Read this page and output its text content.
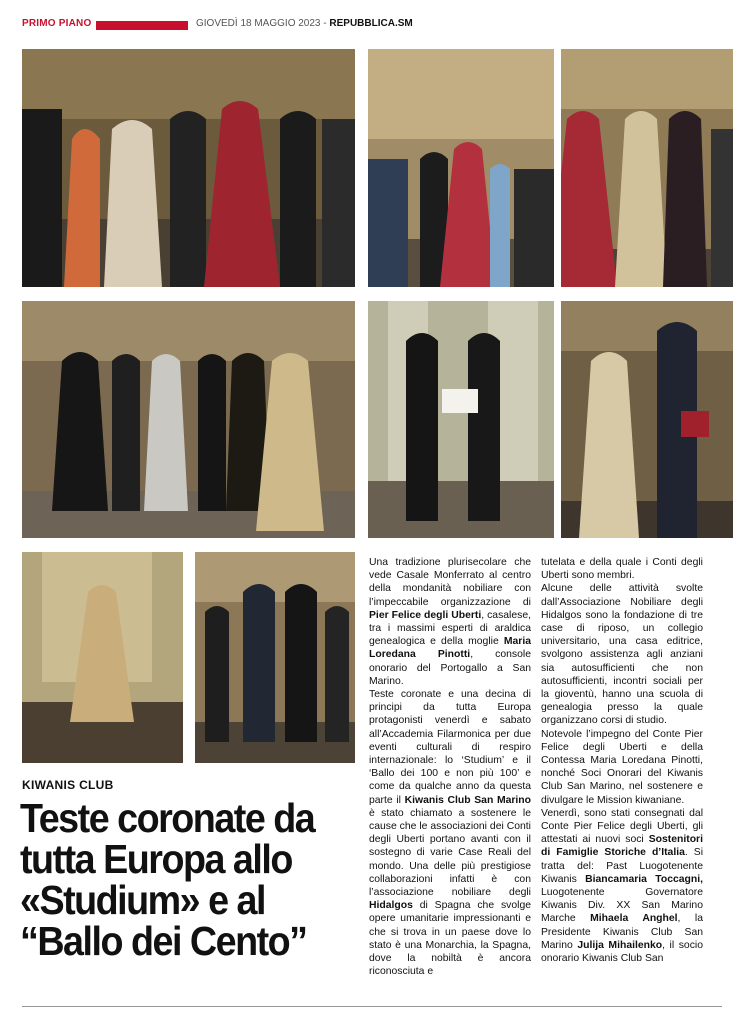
PRIMO PIANO	GIOVEDÌ 18 MAGGIO 2023 - REPUBBLICA.SM
KIWANIS CLUB
Teste coronate da tutta Europa allo «Studium» e al “Ballo dei Cento”

Una tradizione plurisecolare che vede Casale Monferrato al centro della mondanità nobiliare con l’impeccabile organizzazione di Pier Felice degli Uberti, casalese, tra i massimi esperti di araldica genealogica e della moglie Maria Loredana Pinotti, console onorario del Portogallo a San Marino.
Teste coronate e una decina di principi da tutta Europa protagonisti venerdì e sabato all’Accademia Filarmonica per due eventi culturali di respiro internazionale: lo ‘Studium’ e il ‘Ballo dei 100 e non più 100’ e come da qualche anno da questa parte il Kiwanis Club San Marino è stato chiamato a sostenere le cause che le associazioni dei Conti degli Uberti portano avanti con il sostegno di varie Case Reali del mondo. Una delle più prestigiose collaborazioni infatti è con l’associazione nobiliare degli Hidalgos di Spagna che svolge opere umanitarie impressionanti e che si trova in un paese dove lo stato è una Monarchia, la Spagna, dove la nobiltà è ancora riconosciuta e

tutelata e della quale i Conti degli Uberti sono membri.
Alcune delle attività svolte dall’Associazione Nobiliare degli Hidalgos sono la fondazione di tre case di riposo, un collegio universitario, una casa editrice, svolgono assistenza agli anziani sia autosufficienti che non autosufficienti, incontri sociali per la gioventù, hanno una scuola di genealogia presso la quale organizzano corsi di studio.
Notevole l’impegno del Conte Pier Felice degli Uberti e della Contessa Maria Loredana Pinotti, nonché Soci Onorari del Kiwanis Club San Marino, nel sostenere e divulgare le Mission kiwaniane.
Venerdì, sono stati consegnati dal Conte Pier Felice degli Uberti, gli attestati ai nuovi soci Sostenitori di Famiglie Storiche d’Italia. Si tratta del: Past Luogotenente Kiwanis Biancamaria Toccagni, Luogotenente Governatore Kiwanis Div. XX San Marino Marche Mihaela Anghel, la Presidente Kiwanis Club San Marino Julija Mihailenko, il socio onorario Kiwanis Club San
